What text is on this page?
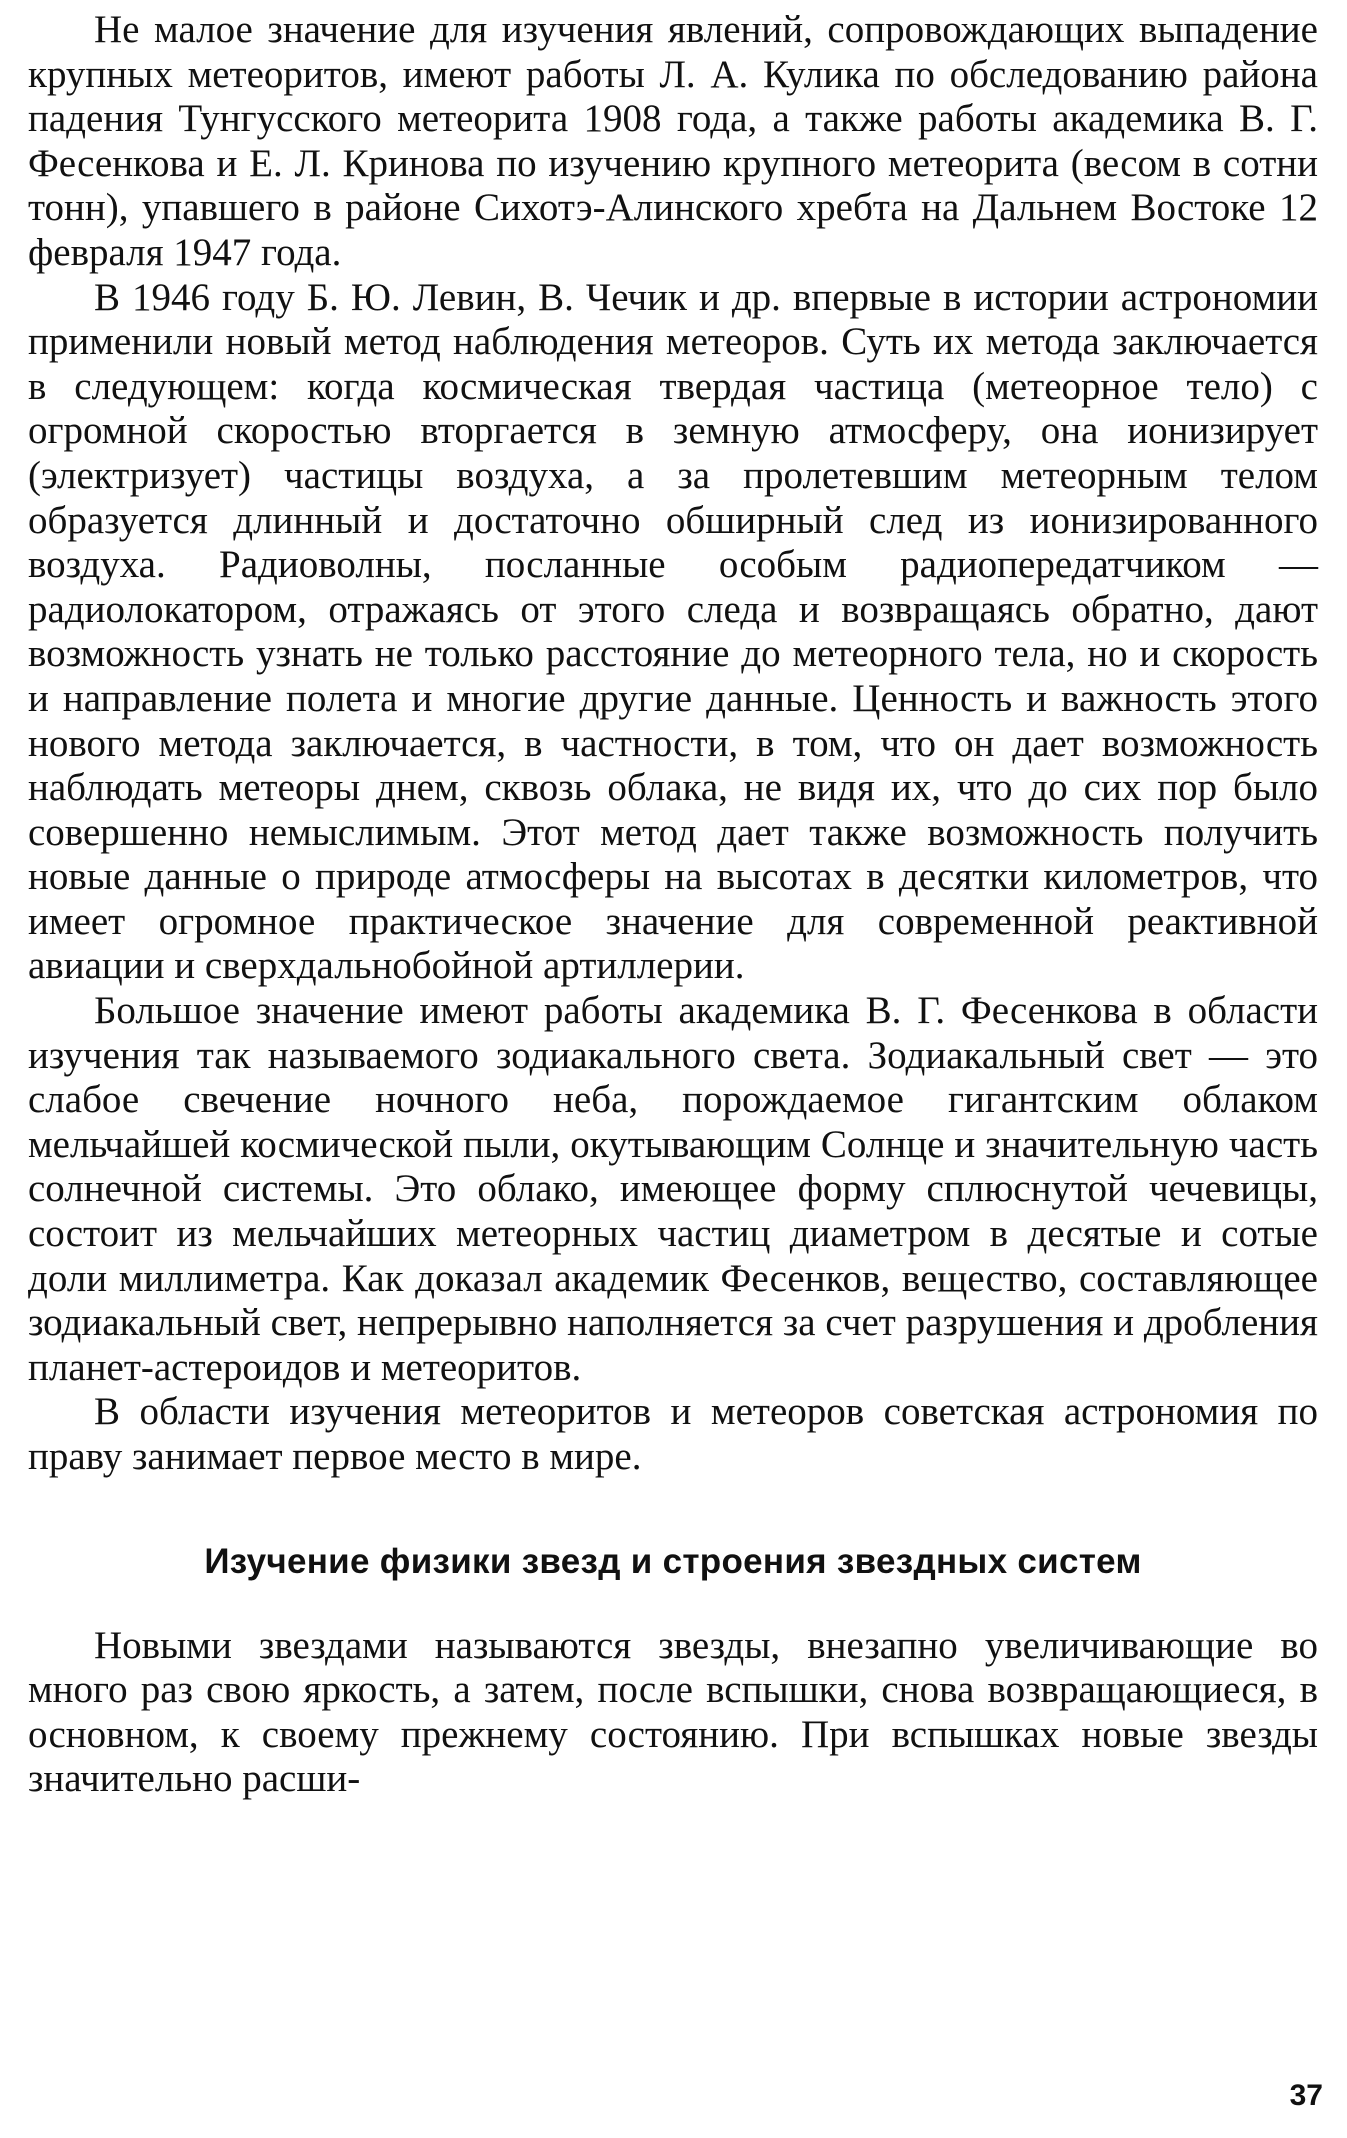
Не малое значение для изучения явлений, сопровождающих выпадение крупных метеоритов, имеют работы Л. А. Кулика по обследованию района падения Тунгусского метеорита 1908 года, а также работы академика В. Г. Фесенкова и Е. Л. Кринова по изучению крупного метеорита (весом в сотни тонн), упавшего в районе Сихотэ-Алинского хребта на Дальнем Востоке 12 февраля 1947 года.

В 1946 году Б. Ю. Левин, В. Чечик и др. впервые в истории астрономии применили новый метод наблюдения метеоров. Суть их метода заключается в следующем: когда космическая твердая частица (метеорное тело) с огромной скоростью вторгается в земную атмосферу, она ионизирует (электризует) частицы воздуха, а за пролетевшим метеорным телом образуется длинный и достаточно обширный след из ионизированного воздуха. Радиоволны, посланные особым радиопередатчиком — радиолокатором, отражаясь от этого следа и возвращаясь обратно, дают возможность узнать не только расстояние до метеорного тела, но и скорость и направление полета и многие другие данные. Ценность и важность этого нового метода заключается, в частности, в том, что он дает возможность наблюдать метеоры днем, сквозь облака, не видя их, что до сих пор было совершенно немыслимым. Этот метод дает также возможность получить новые данные о природе атмосферы на высотах в десятки километров, что имеет огромное практическое значение для современной реактивной авиации и сверхдальнобойной артиллерии.

Большое значение имеют работы академика В. Г. Фесенкова в области изучения так называемого зодиакального света. Зодиакальный свет — это слабое свечение ночного неба, порождаемое гигантским облаком мельчайшей космической пыли, окутывающим Солнце и значительную часть солнечной системы. Это облако, имеющее форму сплюснутой чечевицы, состоит из мельчайших метеорных частиц диаметром в десятые и сотые доли миллиметра. Как доказал академик Фесенков, вещество, составляющее зодиакальный свет, непрерывно наполняется за счет разрушения и дробления планет-астероидов и метеоритов.

В области изучения метеоритов и метеоров советская астрономия по праву занимает первое место в мире.

Изучение физики звезд и строения звездных систем

Новыми звездами называются звезды, внезапно увеличивающие во много раз свою яркость, а затем, после вспышки, снова возвращающиеся, в основном, к своему прежнему состоянию. При вспышках новые звезды значительно расши-

37
